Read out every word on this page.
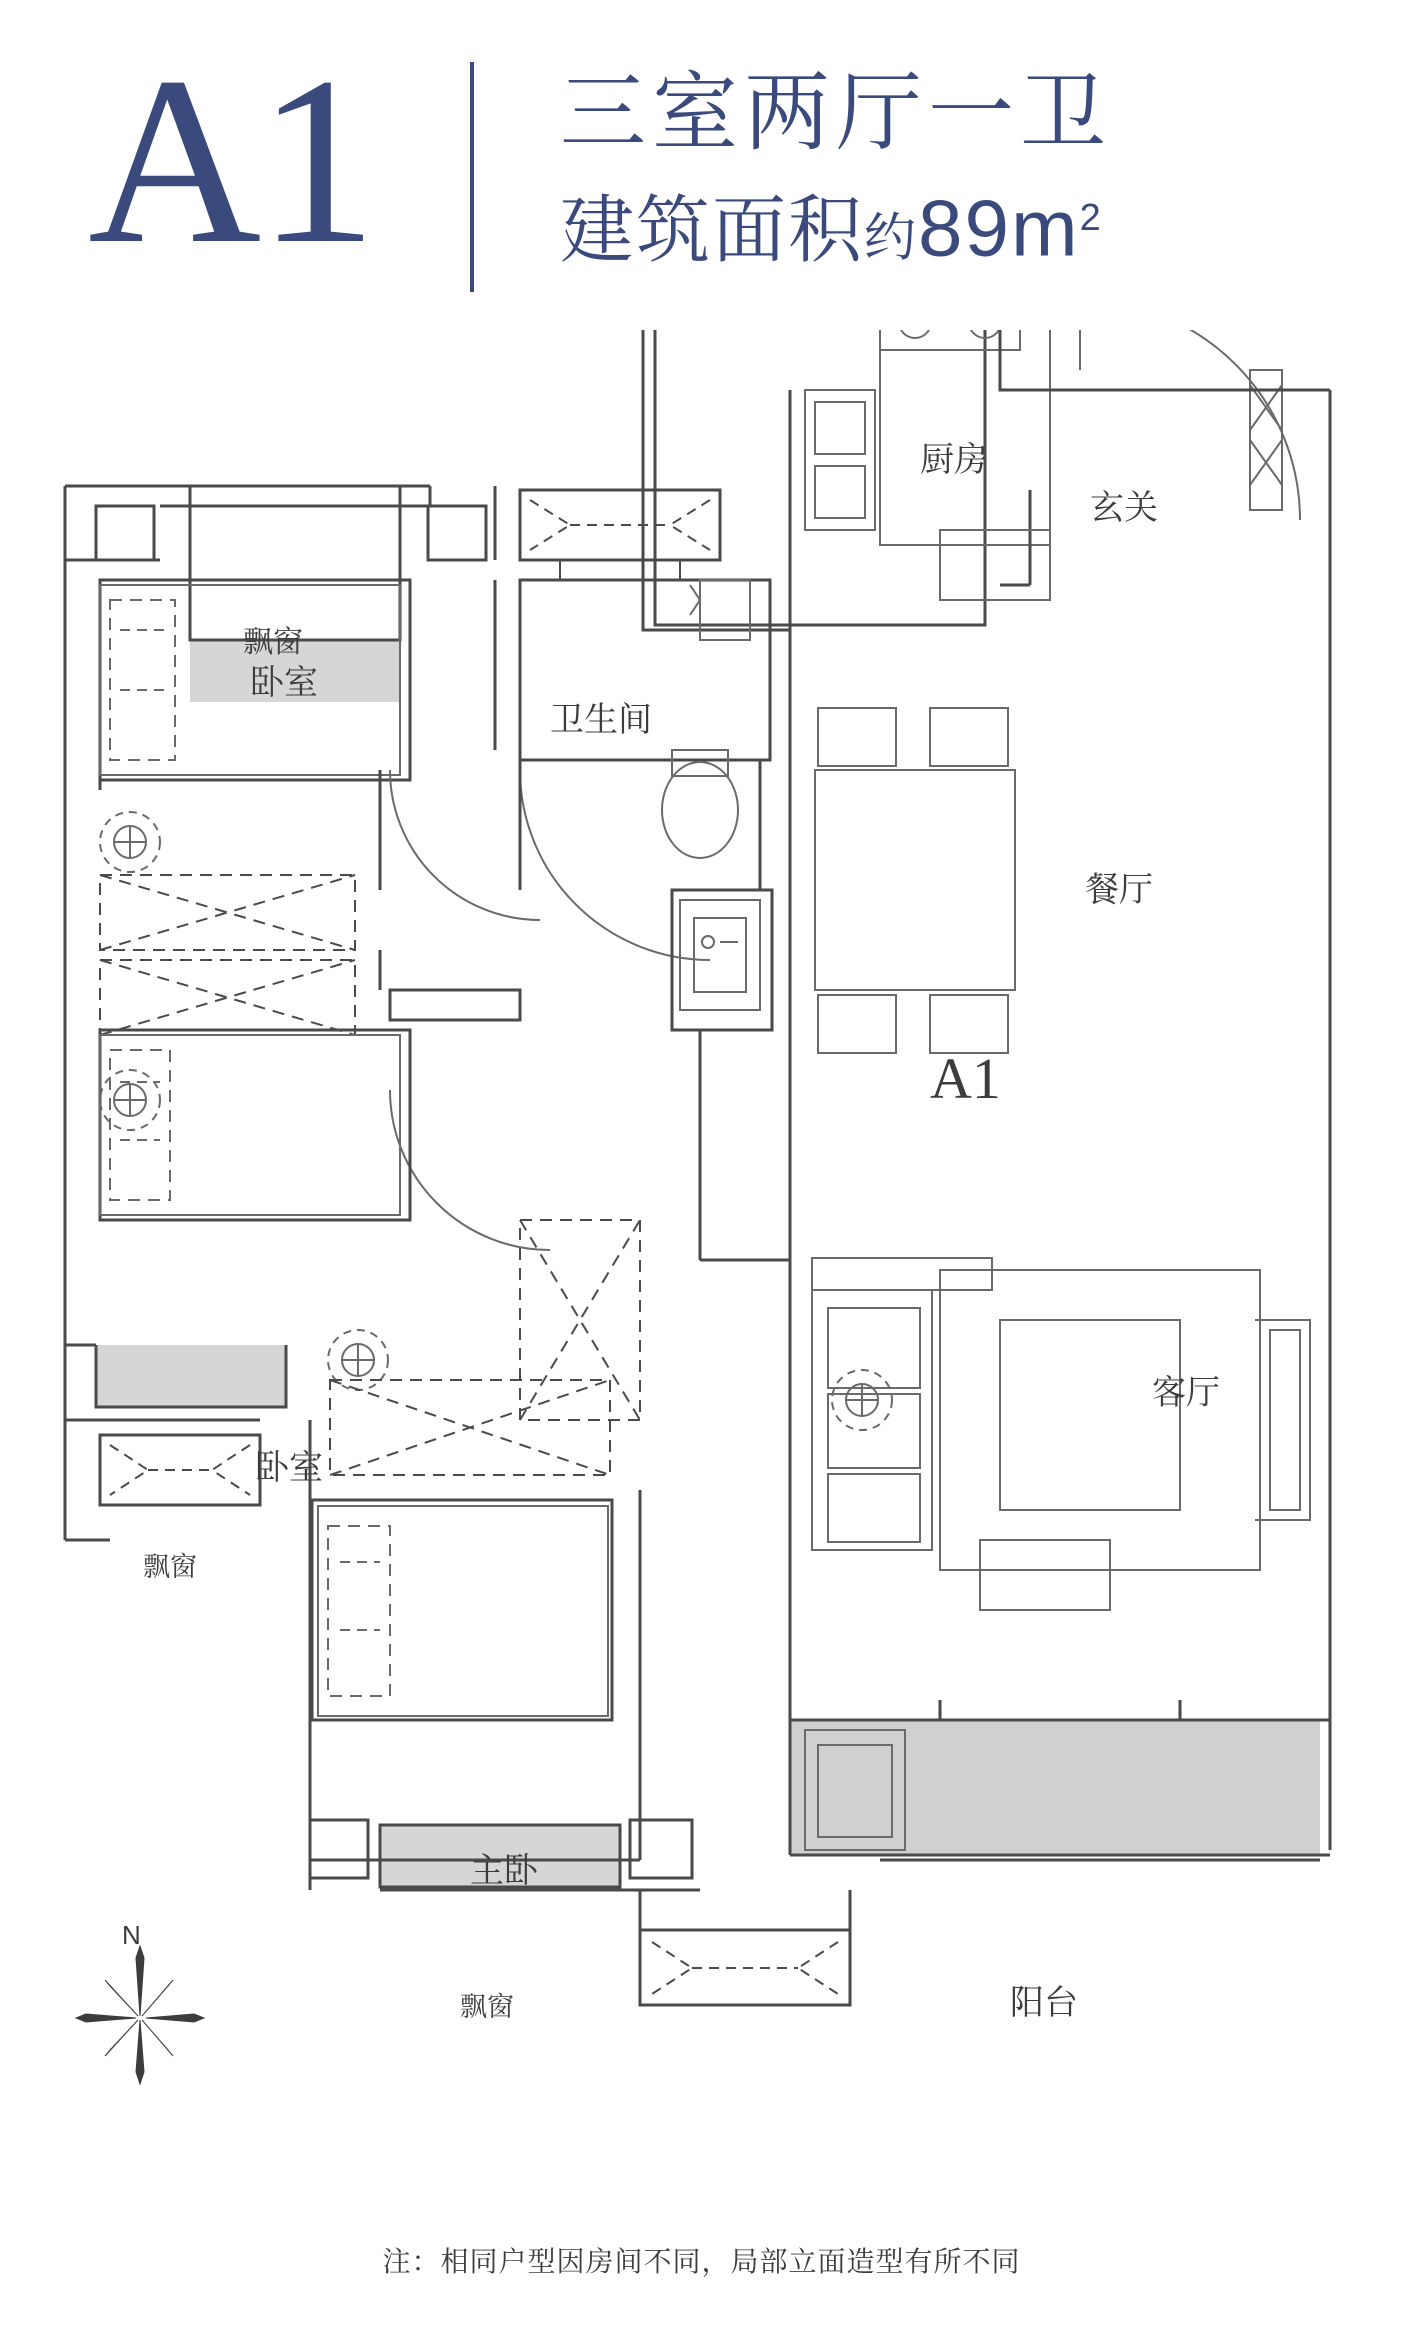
A1 三室两厅一卫
建筑面积约$89m^2$
飘窗
卧室
卫生间
厨房
玄关
餐厅
卧室
飘窗
主卧
飘窗
客厅
阳台
A1
N
注：相同户型因房间不同，局部立面造型有所不同
